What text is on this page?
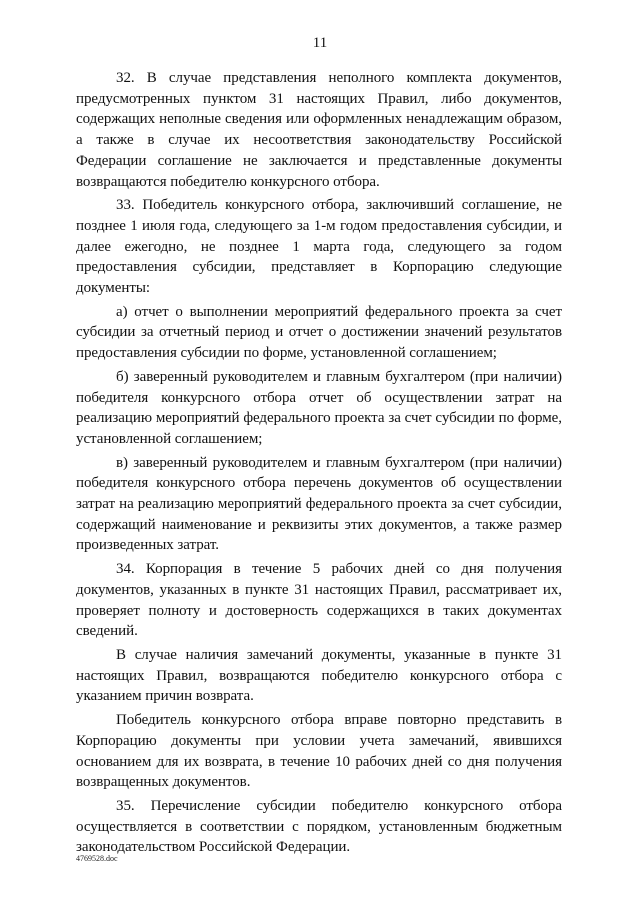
11

32. В случае представления неполного комплекта документов, предусмотренных пунктом 31 настоящих Правил, либо документов, содержащих неполные сведения или оформленных ненадлежащим образом, а также в случае их несоответствия законодательству Российской Федерации соглашение не заключается и представленные документы возвращаются победителю конкурсного отбора.

33. Победитель конкурсного отбора, заключивший соглашение, не позднее 1 июля года, следующего за 1-м годом предоставления субсидии, и далее ежегодно, не позднее 1 марта года, следующего за годом предоставления субсидии, представляет в Корпорацию следующие документы:

а) отчет о выполнении мероприятий федерального проекта за счет субсидии за отчетный период и отчет о достижении значений результатов предоставления субсидии по форме, установленной соглашением;

б) заверенный руководителем и главным бухгалтером (при наличии) победителя конкурсного отбора отчет об осуществлении затрат на реализацию мероприятий федерального проекта за счет субсидии по форме, установленной соглашением;

в) заверенный руководителем и главным бухгалтером (при наличии) победителя конкурсного отбора перечень документов об осуществлении затрат на реализацию мероприятий федерального проекта за счет субсидии, содержащий наименование и реквизиты этих документов, а также размер произведенных затрат.

34. Корпорация в течение 5 рабочих дней со дня получения документов, указанных в пункте 31 настоящих Правил, рассматривает их, проверяет полноту и достоверность содержащихся в таких документах сведений.

В случае наличия замечаний документы, указанные в пункте 31 настоящих Правил, возвращаются победителю конкурсного отбора с указанием причин возврата.

Победитель конкурсного отбора вправе повторно представить в Корпорацию документы при условии учета замечаний, явившихся основанием для их возврата, в течение 10 рабочих дней со дня получения возвращенных документов.

35. Перечисление субсидии победителю конкурсного отбора осуществляется в соответствии с порядком, установленным бюджетным законодательством Российской Федерации.

4769528.doc
